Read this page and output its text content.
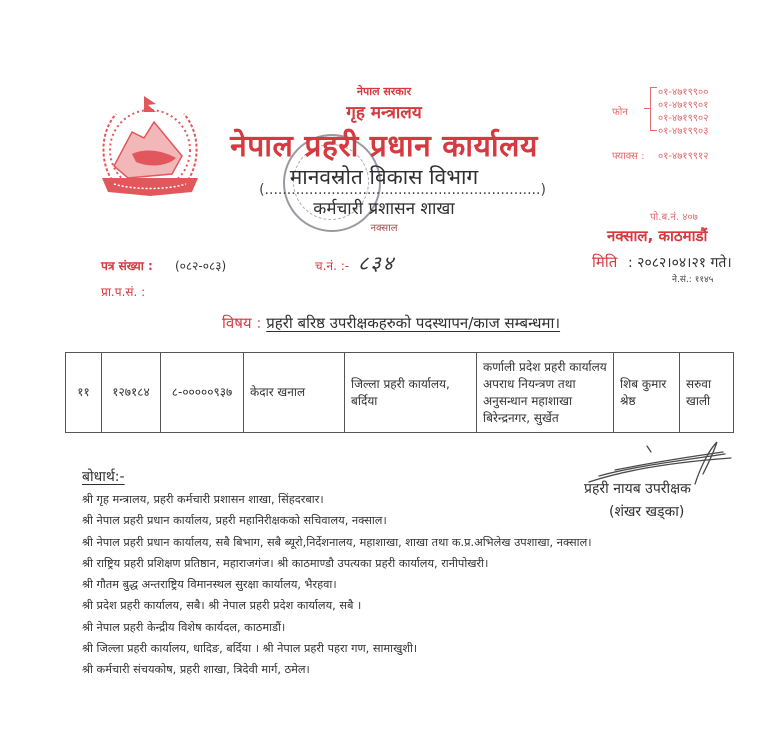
नेपाल सरकार
गृह मन्त्रालय
नेपाल प्रहरी प्रधान कार्यालय
मानवस्रोत विकास विभाग
(..............................................................)
कर्मचारी प्रशासन शाखा
नक्साल
फोन
०१-४७१९९००
०१-४७१९९०१
०१-४७१९९०२
०१-४७१९९०३
फ्याक्स : ०१-४७१९९१२
पो.ब.नं. ४०७
नक्साल, काठमाडौं
मिति : २०८२।०४।२१ गते।
ने.सं.: ११४५
पत्र संख्या : (०८२-०८३)	च.नं. :- ८३४
प्रा.प.सं. :
विषय : प्रहरी बरिष्ठ उपरीक्षकहरुको पदस्थापन/काज सम्बन्धमा।
११	१२७१८४	८-०००००९३७	केदार खनाल	जिल्ला प्रहरी कार्यालय, बर्दिया	कर्णाली प्रदेश प्रहरी कार्यालय अपराध नियन्त्रण तथा अनुसन्धान महाशाखा बिरेन्द्रनगर, सुर्खेत	शिब कुमार श्रेष्ठ	सरुवा खाली
प्रहरी नायब उपरीक्षक
(शंखर खड्का)
बोधार्थ:-
श्री गृह मन्त्रालय, प्रहरी कर्मचारी प्रशासन शाखा, सिंहदरबार।
श्री नेपाल प्रहरी प्रधान कार्यालय, प्रहरी महानिरीक्षकको सचिवालय, नक्साल।
श्री नेपाल प्रहरी प्रधान कार्यालय, सबै बिभाग, सबै ब्यूरो,निर्देशनालय, महाशाखा, शाखा तथा क.प्र.अभिलेख उपशाखा, नक्साल।
श्री राष्ट्रिय प्रहरी प्रशिक्षण प्रतिष्ठान, महाराजगंज। श्री काठमाण्डौ उपत्यका प्रहरी कार्यालय, रानीपोखरी।
श्री गौतम बुद्ध अन्तराष्ट्रिय विमानस्थल सुरक्षा कार्यालय, भैरहवा।
श्री प्रदेश प्रहरी कार्यालय, सबै। श्री नेपाल प्रहरी प्रदेश कार्यालय, सबै ।
श्री नेपाल प्रहरी केन्द्रीय विशेष कार्यदल, काठमाडौं।
श्री जिल्ला प्रहरी कार्यालय, धादिङ, बर्दिया । श्री नेपाल प्रहरी पहरा गण, सामाखुशी।
श्री कर्मचारी संचयकोष, प्रहरी शाखा, त्रिदेवी मार्ग, ठमेल।
